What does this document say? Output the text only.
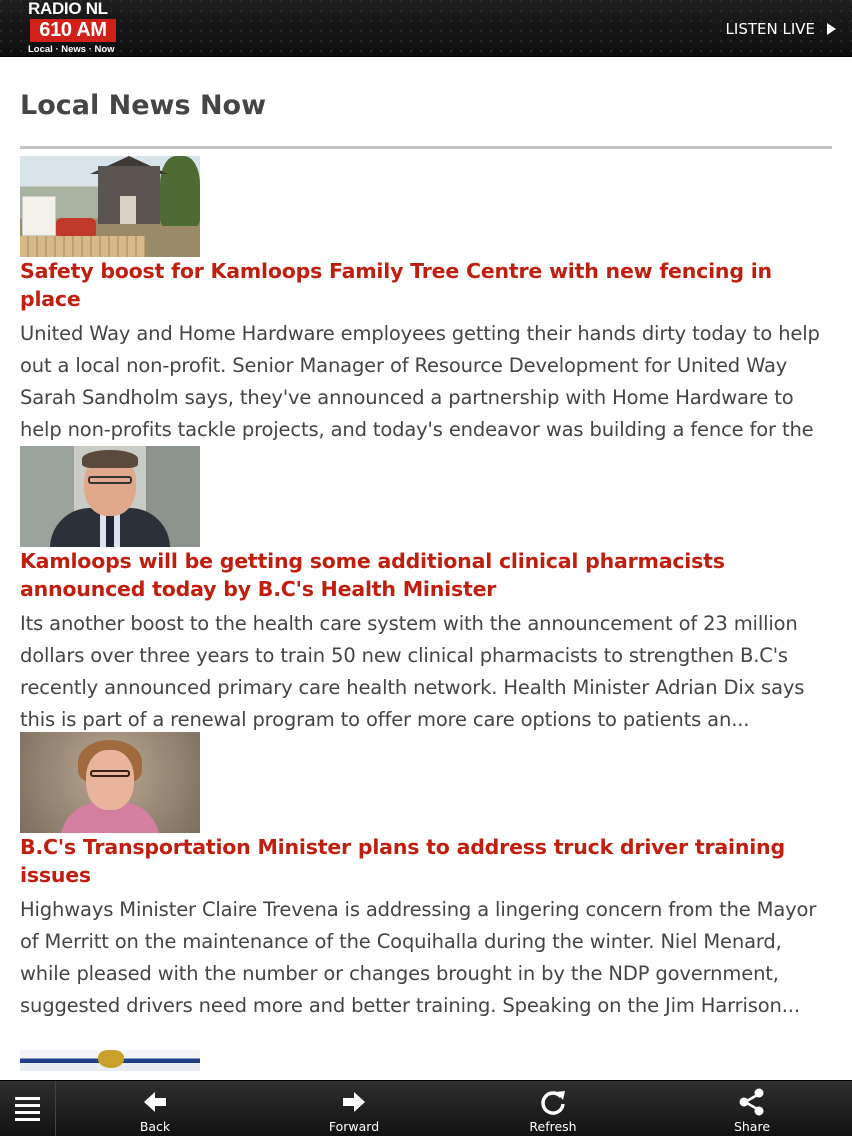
RADIO NL
610 AM
Local · News · Now
LISTEN LIVE
Local News Now
Safety boost for Kamloops Family Tree Centre with new fencing in place
United Way and Home Hardware employees getting their hands dirty today to help out a local non-profit. Senior Manager of Resource Development for United Way Sarah Sandholm says, they've announced a partnership with Home Hardware to help non-profits tackle projects, and today's endeavor was building a fence for the
Kamloops will be getting some additional clinical pharmacists announced today by B.C's Health Minister
Its another boost to the health care system with the announcement of 23 million dollars over three years to train 50 new clinical pharmacists to strengthen B.C's recently announced primary care health network. Health Minister Adrian Dix says this is part of a renewal program to offer more care options to patients an...
B.C's Transportation Minister plans to address truck driver training issues
Highways Minister Claire Trevena is addressing a lingering concern from the Mayor of Merritt on the maintenance of the Coquihalla during the winter. Niel Menard, while pleased with the number or changes brought in by the NDP government, suggested drivers need more and better training. Speaking on the Jim Harrison...
Back	Forward	Refresh	Share
